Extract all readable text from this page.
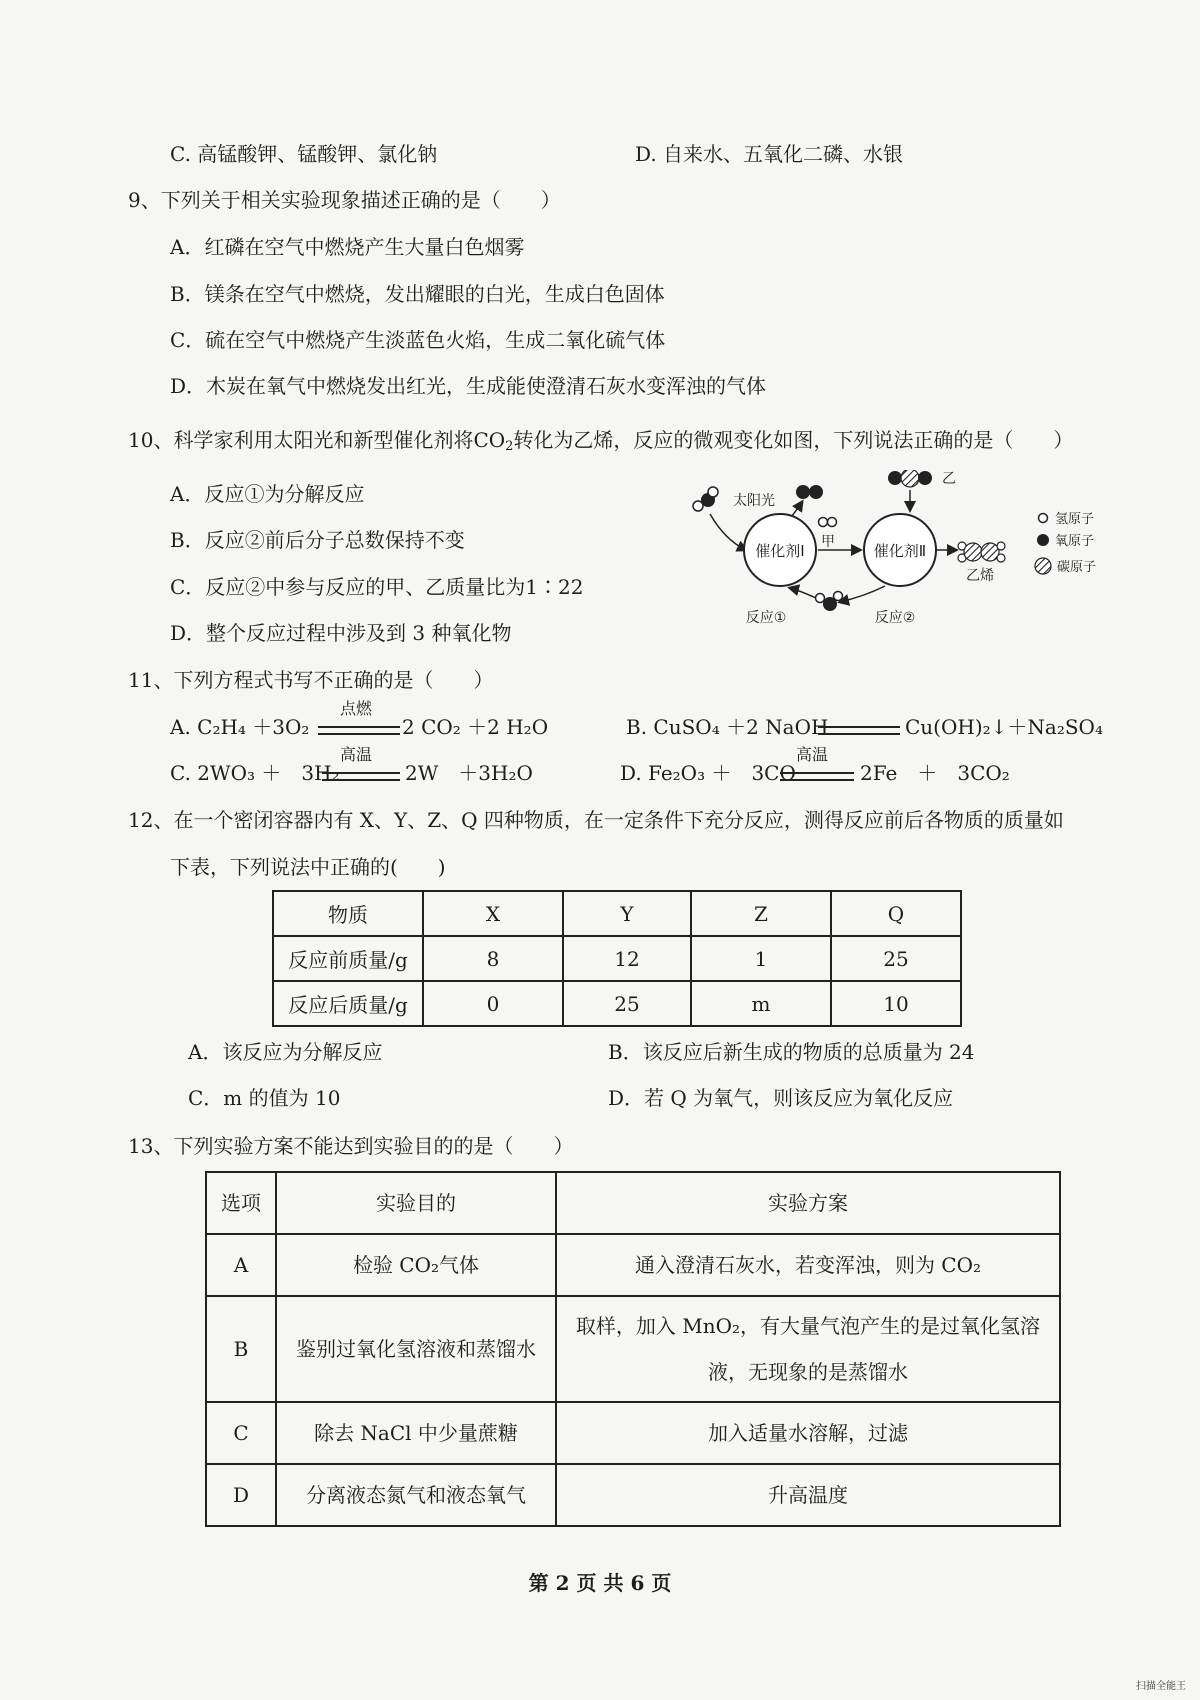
C. 高锰酸钾、锰酸钾、氯化钠	D. 自来水、五氧化二磷、水银
9、下列关于相关实验现象描述正确的是（　　）
A．红磷在空气中燃烧产生大量白色烟雾
B．镁条在空气中燃烧，发出耀眼的白光，生成白色固体
C．硫在空气中燃烧产生淡蓝色火焰，生成二氧化硫气体
D．木炭在氧气中燃烧发出红光，生成能使澄清石灰水变浑浊的气体
10、科学家利用太阳光和新型催化剂将$CO_2$转化为乙烯，反应的微观变化如图，下列说法正确的是（　　）
A．反应①为分解反应
B．反应②前后分子总数保持不变
C．反应②中参与反应的甲、乙质量比为1∶22
D．整个反应过程中涉及到 3 种氧化物
催化剂Ⅰ
太阳光
甲	催化剂Ⅱ
乙
乙烯
反应①	反应②
氢原子
氧原子
碳原子
11、下列方程式书写不正确的是（　　）
A. C₂H₄ ＋3O₂
点燃
2 CO₂ ＋2 H₂O	B. CuSO₄ ＋2 NaOH	Cu(OH)₂↓＋Na₂SO₄
C. 2WO₃ ＋　3H₂
高温
2W　＋3H₂O	D. Fe₂O₃ ＋　3CO
高温
2Fe　＋　3CO₂
12、在一个密闭容器内有 X、Y、Z、Q 四种物质，在一定条件下充分反应，测得反应前后各物质的质量如
下表，下列说法中正确的(　　)
物质	X	Y	Z	Q
反应前质量/g	8	12	1	25
反应后质量/g	0	25	m	10
A．该反应为分解反应	B．该反应后新生成的物质的总质量为 24
C．m 的值为 10	D．若 Q 为氧气，则该反应为氧化反应
13、下列实验方案不能达到实验目的的是（　　）
选项	实验目的	实验方案
A	检验 CO₂气体	通入澄清石灰水，若变浑浊，则为 CO₂
B	鉴别过氧化氢溶液和蒸馏水	取样，加入 MnO₂，有大量气泡产生的是过氧化氢溶液，无现象的是蒸馏水
C	除去 NaCl 中少量蔗糖	加入适量水溶解，过滤
D	分离液态氮气和液态氧气	升高温度
第 2 页 共 6 页
扫描全能王
